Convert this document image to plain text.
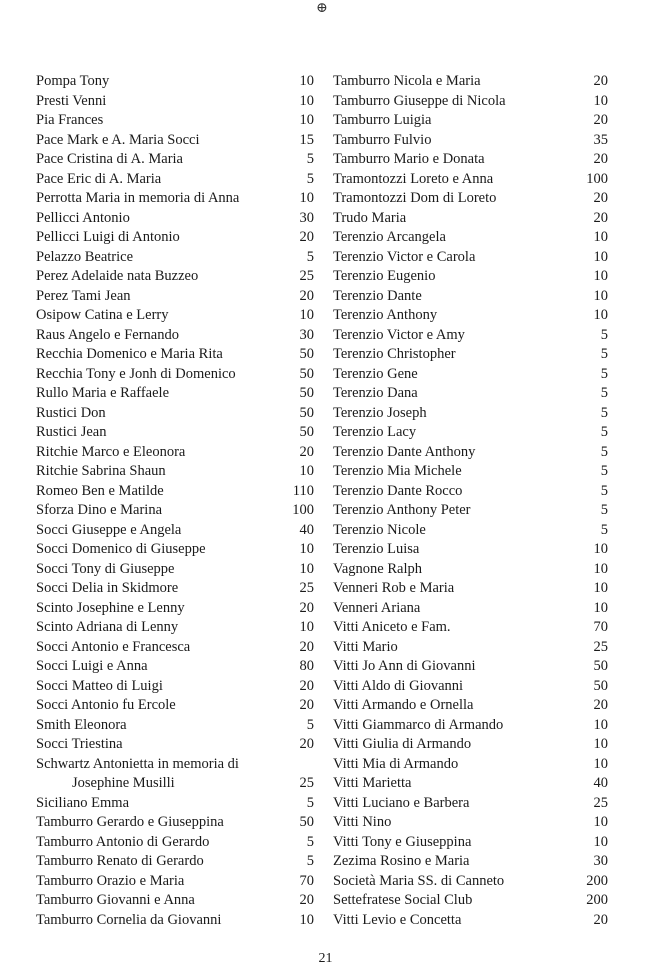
⊕
Pompa Tony	10
Presti Venni	10
Pia Frances	10
Pace Mark e A. Maria Socci	15
Pace Cristina di A. Maria	5
Pace Eric di A. Maria	5
Perrotta Maria in memoria di Anna	10
Pellicci Antonio	30
Pellicci Luigi di Antonio	20
Pelazzo Beatrice	5
Perez Adelaide nata Buzzeo	25
Perez Tami Jean	20
Osipow Catina e Lerry	10
Raus Angelo e Fernando	30
Recchia Domenico e Maria Rita	50
Recchia Tony e Jonh di Domenico	50
Rullo Maria e Raffaele	50
Rustici Don	50
Rustici Jean	50
Ritchie Marco e Eleonora	20
Ritchie Sabrina Shaun	10
Romeo Ben e Matilde	110
Sforza Dino e Marina	100
Socci Giuseppe e Angela	40
Socci Domenico di Giuseppe	10
Socci Tony di Giuseppe	10
Socci Delia in Skidmore	25
Scinto Josephine e Lenny	20
Scinto Adriana di Lenny	10
Socci Antonio e Francesca	20
Socci Luigi e Anna	80
Socci Matteo di Luigi	20
Socci Antonio fu Ercole	20
Smith Eleonora	5
Socci Triestina	20
Schwartz Antonietta in memoria di
Josephine Musilli	25
Siciliano Emma	5
Tamburro Gerardo e Giuseppina	50
Tamburro Antonio di Gerardo	5
Tamburro Renato di Gerardo	5
Tamburro Orazio e Maria	70
Tamburro Giovanni e Anna	20
Tamburro Cornelia da Giovanni	10
Tamburro Nicola e Maria	20
Tamburro Giuseppe di Nicola	10
Tamburro Luigia	20
Tamburro Fulvio	35
Tamburro Mario e Donata	20
Tramontozzi Loreto e Anna	100
Tramontozzi Dom di Loreto	20
Trudo Maria	20
Terenzio Arcangela	10
Terenzio Victor e Carola	10
Terenzio Eugenio	10
Terenzio Dante	10
Terenzio Anthony	10
Terenzio Victor e Amy	5
Terenzio Christopher	5
Terenzio Gene	5
Terenzio Dana	5
Terenzio Joseph	5
Terenzio Lacy	5
Terenzio Dante Anthony	5
Terenzio Mia Michele	5
Terenzio Dante Rocco	5
Terenzio Anthony Peter	5
Terenzio Nicole	5
Terenzio Luisa	10
Vagnone Ralph	10
Venneri Rob e Maria	10
Venneri Ariana	10
Vitti Aniceto e Fam.	70
Vitti Mario	25
Vitti Jo Ann di Giovanni	50
Vitti Aldo di Giovanni	50
Vitti Armando e Ornella	20
Vitti Giammarco di Armando	10
Vitti Giulia di Armando	10
Vitti Mia di Armando	10
Vitti Marietta	40
Vitti Luciano e Barbera	25
Vitti Nino	10
Vitti Tony e Giuseppina	10
Zezima Rosino e Maria	30
Società Maria SS. di Canneto	200
Settefratese Social Club	200
Vitti Levio e Concetta	20
21
